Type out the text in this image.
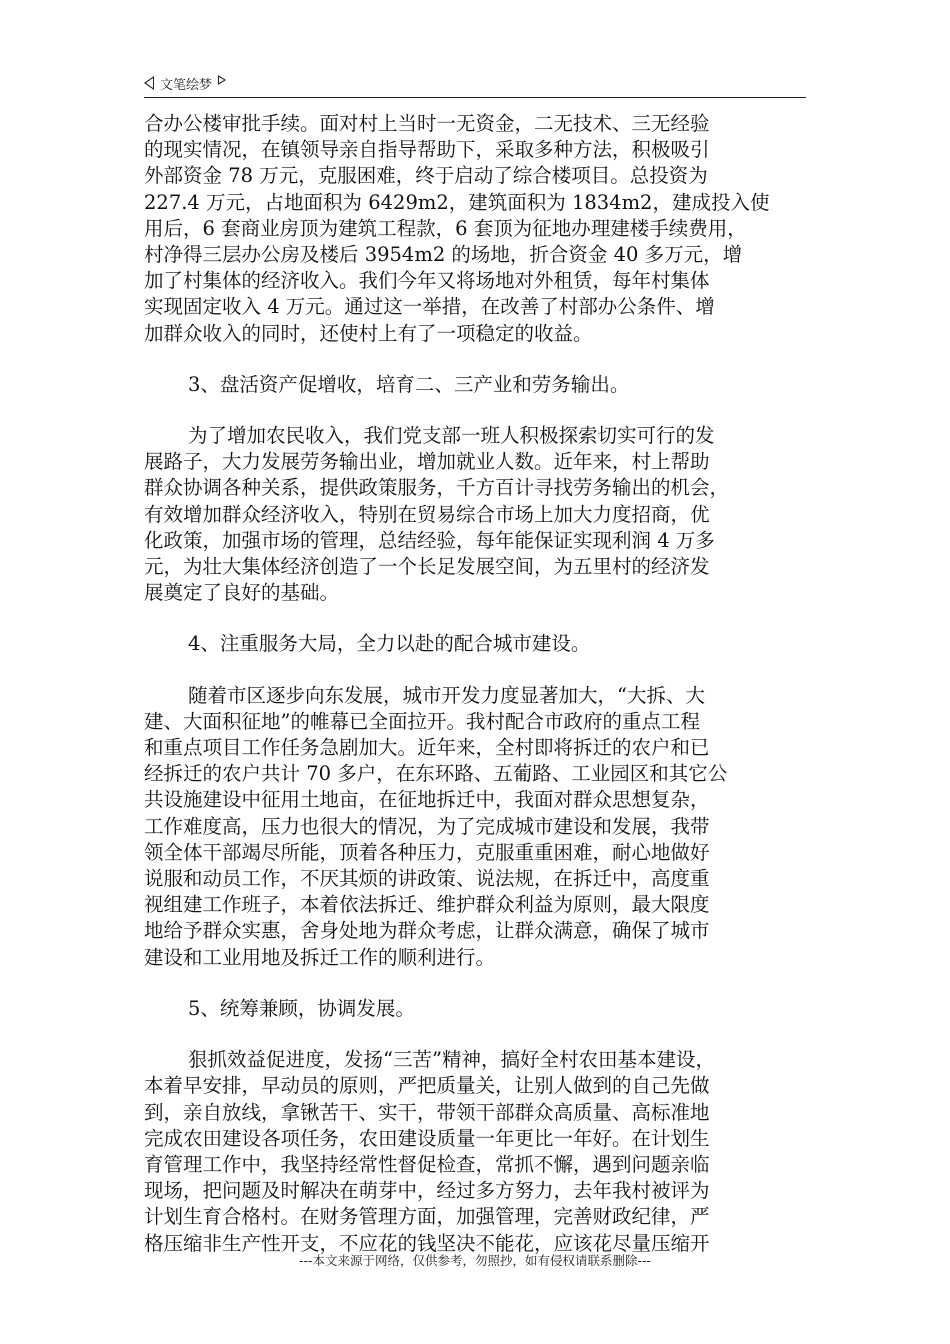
文笔绘梦
合办公楼审批手续。面对村上当时一无资金，二无技术、三无经验
的现实情况，在镇领导亲自指导帮助下，采取多种方法，积极吸引
外部资金 78 万元，克服困难，终于启动了综合楼项目。总投资为
227.4 万元，占地面积为 6429m2，建筑面积为 1834m2，建成投入使
用后，6 套商业房顶为建筑工程款，6 套顶为征地办理建楼手续费用，
村净得三层办公房及楼后 3954m2 的场地，折合资金 40 多万元，增
加了村集体的经济收入。我们今年又将场地对外租赁，每年村集体
实现固定收入 4 万元。通过这一举措，在改善了村部办公条件、增
加群众收入的同时，还使村上有了一项稳定的收益。
3、盘活资产促增收，培育二、三产业和劳务输出。
为了增加农民收入，我们党支部一班人积极探索切实可行的发
展路子，大力发展劳务输出业，增加就业人数。近年来，村上帮助
群众协调各种关系，提供政策服务，千方百计寻找劳务输出的机会，
有效增加群众经济收入，特别在贸易综合市场上加大力度招商，优
化政策，加强市场的管理，总结经验，每年能保证实现利润 4 万多
元，为壮大集体经济创造了一个长足发展空间，为五里村的经济发
展奠定了良好的基础。
4、注重服务大局，全力以赴的配合城市建设。
随着市区逐步向东发展，城市开发力度显著加大，“大拆、大
建、大面积征地”的帷幕已全面拉开。我村配合市政府的重点工程
和重点项目工作任务急剧加大。近年来，全村即将拆迁的农户和已
经拆迁的农户共计 70 多户，在东环路、五葡路、工业园区和其它公
共设施建设中征用土地亩，在征地拆迁中，我面对群众思想复杂，
工作难度高，压力也很大的情况，为了完成城市建设和发展，我带
领全体干部竭尽所能，顶着各种压力，克服重重困难，耐心地做好
说服和动员工作，不厌其烦的讲政策、说法规，在拆迁中，高度重
视组建工作班子，本着依法拆迁、维护群众利益为原则，最大限度
地给予群众实惠，舍身处地为群众考虑，让群众满意，确保了城市
建设和工业用地及拆迁工作的顺利进行。
5、统筹兼顾，协调发展。
狠抓效益促进度，发扬“三苦”精神，搞好全村农田基本建设，
本着早安排，早动员的原则，严把质量关，让别人做到的自己先做
到，亲自放线，拿锹苦干、实干，带领干部群众高质量、高标准地
完成农田建设各项任务，农田建设质量一年更比一年好。在计划生
育管理工作中，我坚持经常性督促检查，常抓不懈，遇到问题亲临
现场，把问题及时解决在萌芽中，经过多方努力，去年我村被评为
计划生育合格村。在财务管理方面，加强管理，完善财政纪律，严
格压缩非生产性开支，不应花的钱坚决不能花，应该花尽量压缩开
---本文来源于网络，仅供参考，勿照抄，如有侵权请联系删除---
